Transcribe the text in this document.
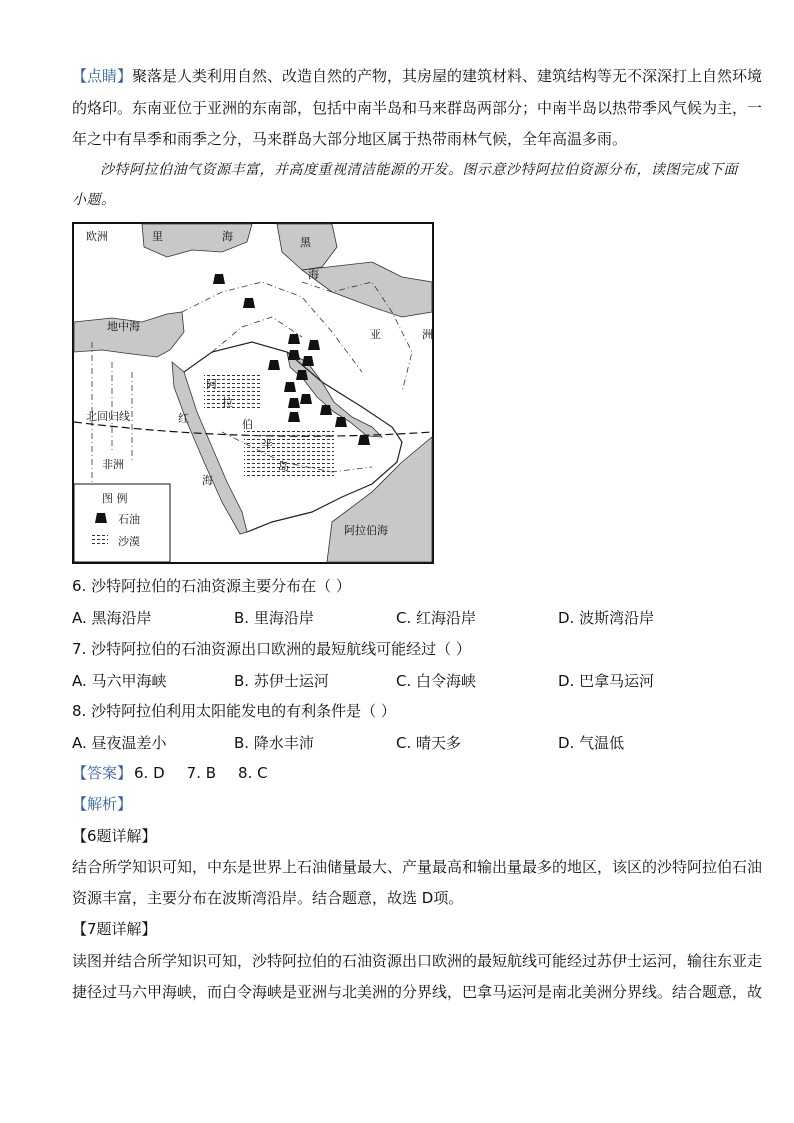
【点睛】聚落是人类利用自然、改造自然的产物，其房屋的建筑材料、建筑结构等无不深深打上自然环境
的烙印。东南亚位于亚洲的东南部，包括中南半岛和马来群岛两部分；中南半岛以热带季风气候为主，一
年之中有旱季和雨季之分，马来群岛大部分地区属于热带雨林气候，全年高温多雨。
沙特阿拉伯油气资源丰富，并高度重视清洁能源的开发。图示意沙特阿拉伯资源分布，读图完成下面
小题。
欧洲	里	海	黑
海
地中海
亚	洲
阿
拉
伯
半
岛
北回归线	红
海
非洲
阿拉伯海
图 例
石油
沙漠
6. 沙特阿拉伯的石油资源主要分布在（ ）
A. 黑海沿岸	B. 里海沿岸	C. 红海沿岸	D. 波斯湾沿岸
7. 沙特阿拉伯的石油资源出口欧洲的最短航线可能经过（ ）
A. 马六甲海峡	B. 苏伊士运河	C. 白令海峡	D. 巴拿马运河
8. 沙特阿拉伯利用太阳能发电的有利条件是（ ）
A. 昼夜温差小	B. 降水丰沛	C. 晴天多	D. 气温低
【答案】 6. D 7. B 8. C
【解析】
【6题详解】
结合所学知识可知，中东是世界上石油储量最大、产量最高和输出量最多的地区，该区的沙特阿拉伯石油
资源丰富，主要分布在波斯湾沿岸。结合题意，故选 D项。
【7题详解】
读图并结合所学知识可知，沙特阿拉伯的石油资源出口欧洲的最短航线可能经过苏伊士运河，输往东亚走
捷径过马六甲海峡，而白令海峡是亚洲与北美洲的分界线，巴拿马运河是南北美洲分界线。结合题意，故
